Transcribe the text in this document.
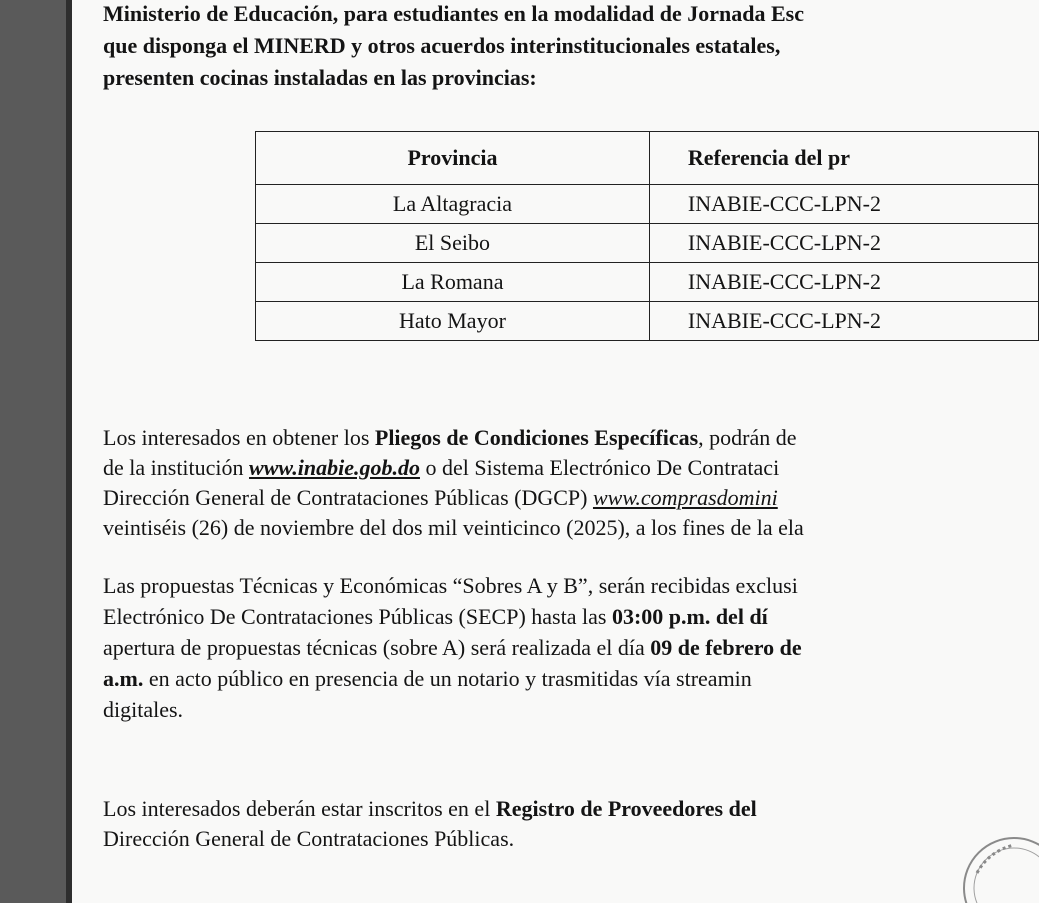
Ministerio de Educación, para estudiantes en la modalidad de Jornada Esc
que disponga el MINERD y otros acuerdos interinstitucionales estatales,
presenten cocinas instaladas en las provincias:
Provincia	Referencia del pr
La Altagracia	INABIE-CCC-LPN-2
El Seibo	INABIE-CCC-LPN-2
La Romana	INABIE-CCC-LPN-2
Hato Mayor	INABIE-CCC-LPN-2
Los interesados en obtener los Pliegos de Condiciones Específicas, podrán de
de la institución www.inabie.gob.do o del Sistema Electrónico De Contrataci
Dirección General de Contrataciones Públicas (DGCP) www.comprasdomini
veintiséis (26) de noviembre del dos mil veinticinco (2025), a los fines de la ela
Las propuestas Técnicas y Económicas “Sobres A y B”, serán recibidas exclusi
Electrónico De Contrataciones Públicas (SECP) hasta las 03:00 p.m. del dí
apertura de propuestas técnicas (sobre A) será realizada el día 09 de febrero de
a.m. en acto público en presencia de un notario y trasmitidas vía streamin
digitales.
Los interesados deberán estar inscritos en el Registro de Proveedores del
Dirección General de Contrataciones Públicas.
